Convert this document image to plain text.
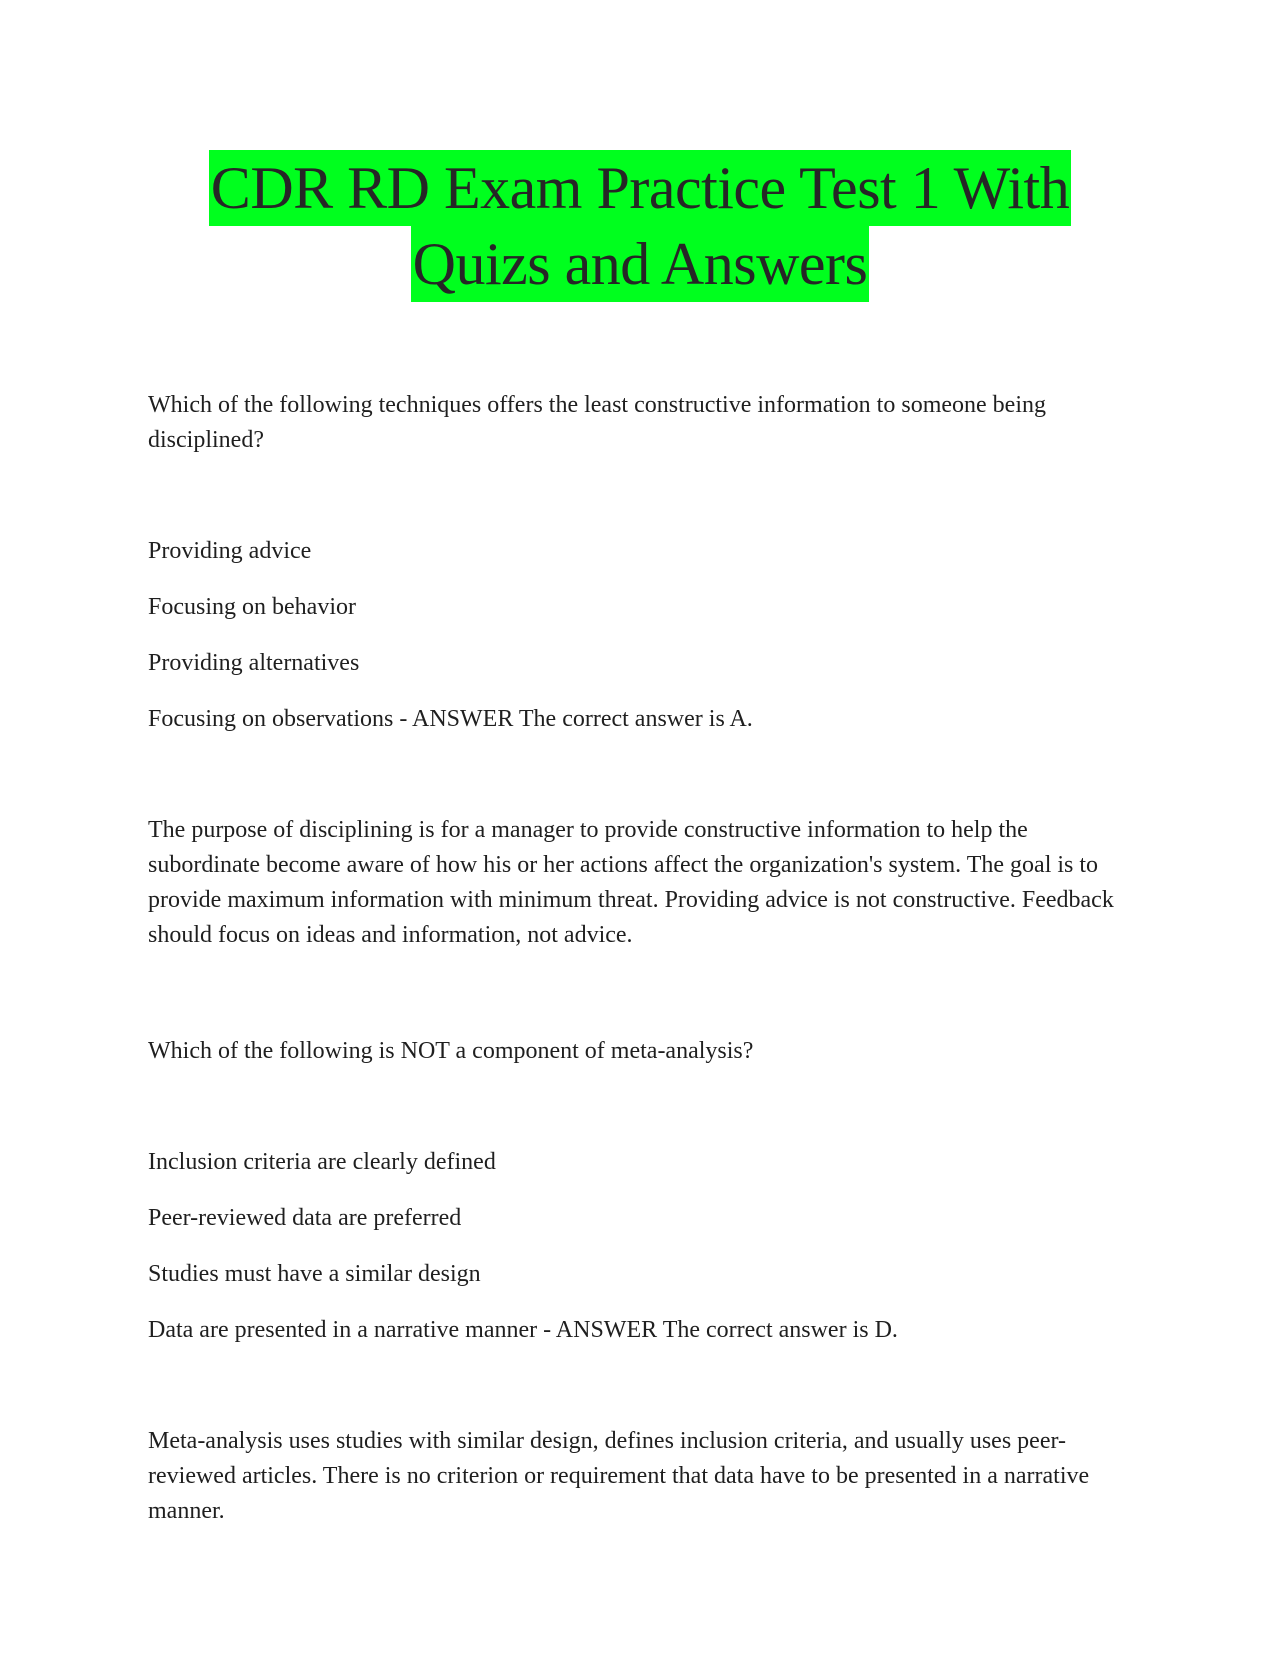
CDR RD Exam Practice Test 1 With
Quizs and Answers

Which of the following techniques offers the least constructive information to someone being disciplined?

Providing advice
Focusing on behavior
Providing alternatives
Focusing on observations - ANSWER The correct answer is A.

The purpose of disciplining is for a manager to provide constructive information to help the subordinate become aware of how his or her actions affect the organization's system. The goal is to provide maximum information with minimum threat. Providing advice is not constructive. Feedback should focus on ideas and information, not advice.

Which of the following is NOT a component of meta-analysis?

Inclusion criteria are clearly defined
Peer-reviewed data are preferred
Studies must have a similar design
Data are presented in a narrative manner - ANSWER The correct answer is D.

Meta-analysis uses studies with similar design, defines inclusion criteria, and usually uses peer-reviewed articles. There is no criterion or requirement that data have to be presented in a narrative manner.
